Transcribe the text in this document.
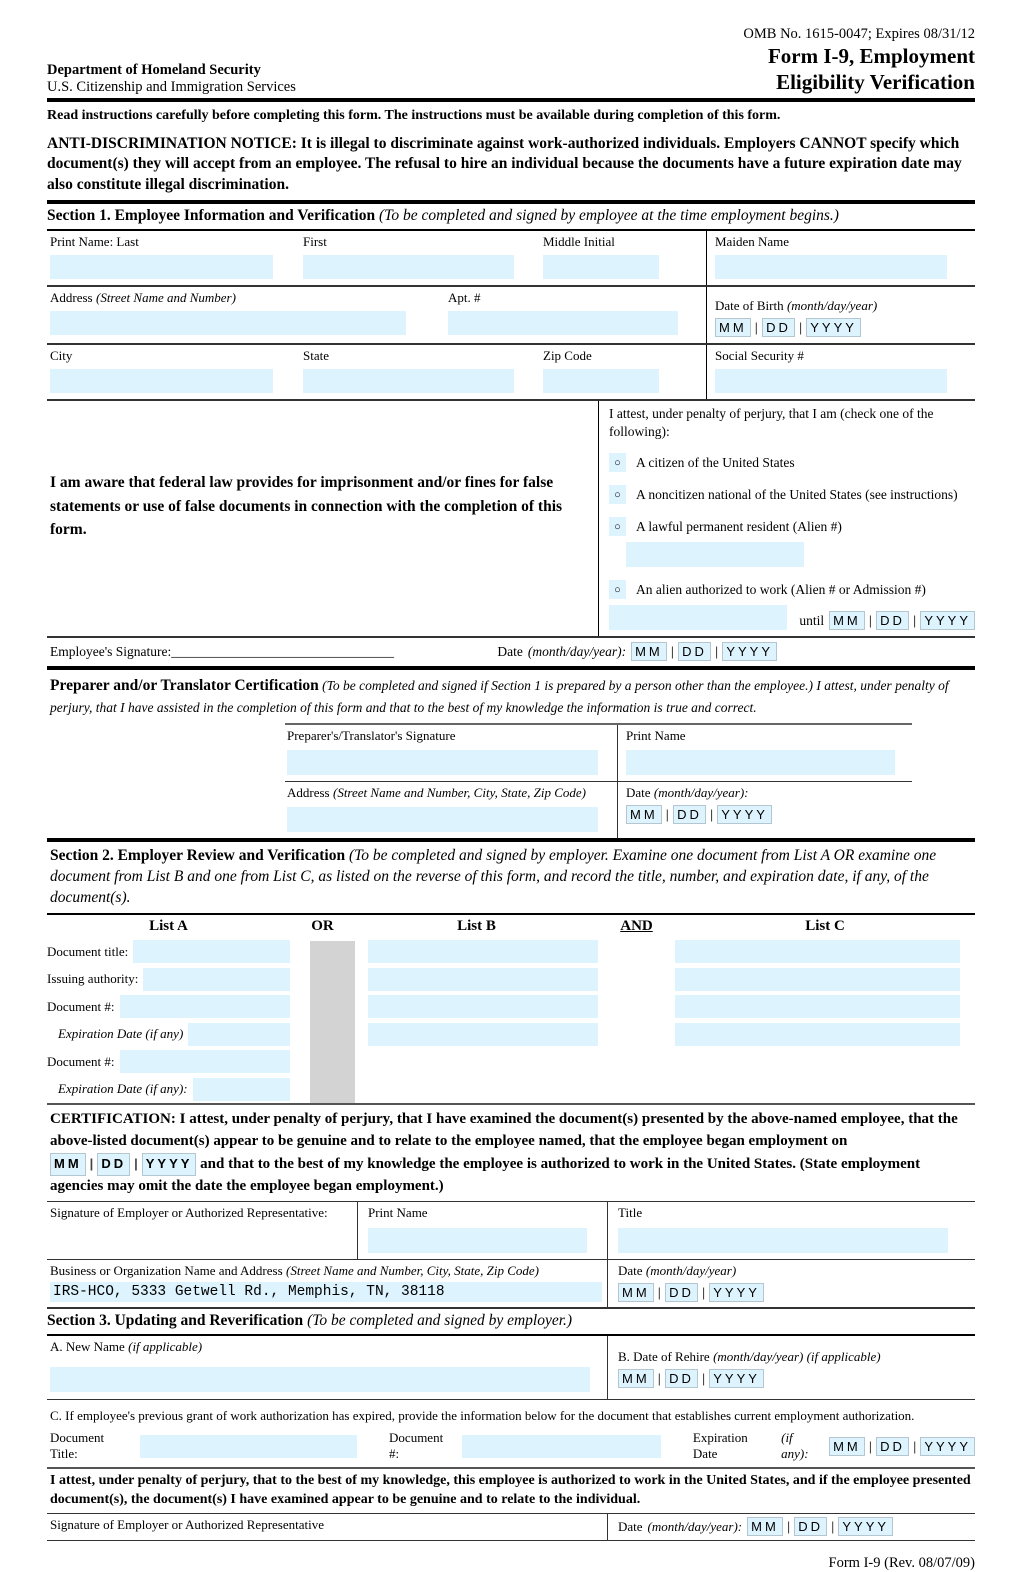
OMB No. 1615-0047; Expires 08/31/12
Department of Homeland Security
U.S. Citizenship and Immigration Services
Form I-9, Employment
Eligibility Verification
Read instructions carefully before completing this form. The instructions must be available during completion of this form.
ANTI-DISCRIMINATION NOTICE: It is illegal to discriminate against work-authorized individuals. Employers CANNOT specify which document(s) they will accept from an employee. The refusal to hire an individual because the documents have a future expiration date may also constitute illegal discrimination.
Section 1. Employee Information and Verification (To be completed and signed by employee at the time employment begins.)
Print Name: Last	First	Middle Initial	Maiden Name
Address (Street Name and Number)	Apt. #
Date of Birth (month/day/year)
MM | DD | YYYY
City	State	Zip Code	Social Security #
I am aware that federal law provides for imprisonment and/or fines for false statements or use of false documents in connection with the completion of this form.
I attest, under penalty of perjury, that I am (check one of the following):
○	A citizen of the United States
○	A noncitizen national of the United States (see instructions)
○	A lawful permanent resident (Alien #)
○	An alien authorized to work (Alien # or Admission #)
until MM | DD | YYYY
Employee's Signature: _________________________________	Date (month/day/year): MM | DD | YYYY
Preparer and/or Translator Certification (To be completed and signed if Section 1 is prepared by a person other than the employee.) I attest, under penalty of perjury, that I have assisted in the completion of this form and that to the best of my knowledge the information is true and correct.
Preparer's/Translator's Signature	Print Name
Address (Street Name and Number, City, State, Zip Code)	Date (month/day/year):
MM | DD | YYYY
Section 2. Employer Review and Verification (To be completed and signed by employer. Examine one document from List A OR examine one document from List B and one from List C, as listed on the reverse of this form, and record the title, number, and expiration date, if any, of the document(s).
List A	OR	List B	AND	List C
Document title:
Issuing authority:
Document #:
Expiration Date (if any)
Document #:
Expiration Date (if any):
CERTIFICATION: I attest, under penalty of perjury, that I have examined the document(s) presented by the above-named employee, that the above-listed document(s) appear to be genuine and to relate to the employee named, that the employee began employment on
MM | DD | YYYY and that to the best of my knowledge the employee is authorized to work in the United States. (State employment agencies may omit the date the employee began employment.)
Signature of Employer or Authorized Representative:	Print Name	Title
Business or Organization Name and Address (Street Name and Number, City, State, Zip Code)
IRS-HCO, 5333 Getwell Rd., Memphis, TN, 38118
Date (month/day/year)
MM | DD | YYYY
Section 3. Updating and Reverification (To be completed and signed by employer.)
A. New Name (if applicable)
B. Date of Rehire (month/day/year) (if applicable)
MM | DD | YYYY
C. If employee's previous grant of work authorization has expired, provide the information below for the document that establishes current employment authorization.
Document Title:
Document #:
Expiration Date
(if any):	MM | DD | YYYY
I attest, under penalty of perjury, that to the best of my knowledge, this employee is authorized to work in the United States, and if the employee presented document(s), the document(s) I have examined appear to be genuine and to relate to the individual.
Signature of Employer or Authorized Representative	Date (month/day/year): MM | DD | YYYY
Form I-9 (Rev. 08/07/09)
